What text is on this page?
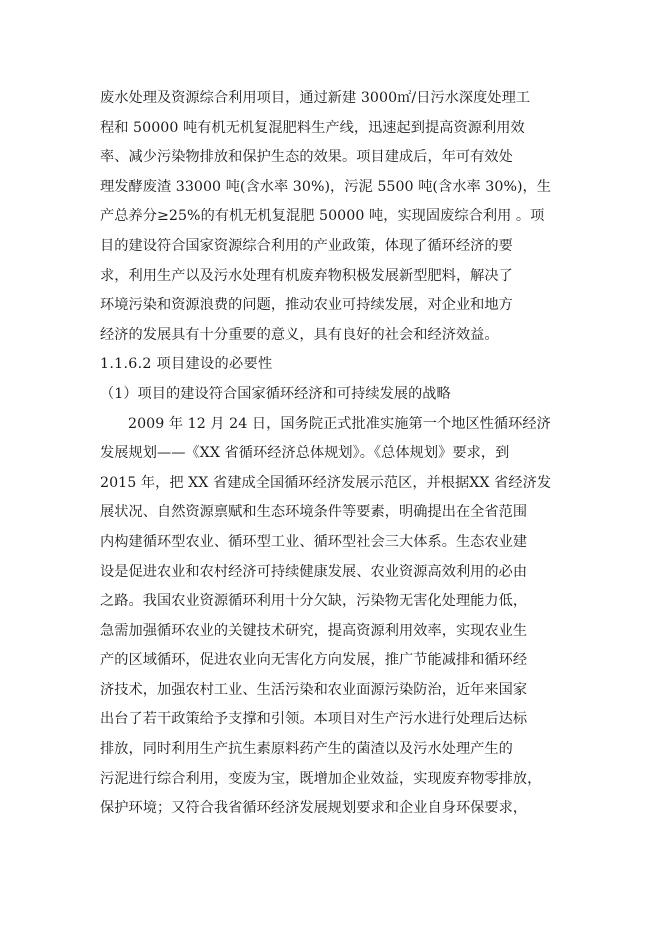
废水处理及资源综合利用项目，通过新建 3000㎡/日污水深度处理工
程和 50000 吨有机无机复混肥料生产线，迅速起到提高资源利用效
率、减少污染物排放和保护生态的效果。项目建成后，年可有效处
理发酵废渣 33000 吨(含水率 30%)，污泥 5500 吨(含水率 30%)，生
产总养分≥25%的有机无机复混肥 50000 吨，实现固废综合利用 。项
目的建设符合国家资源综合利用的产业政策，体现了循环经济的要
求，利用生产以及污水处理有机废弃物积极发展新型肥料，解决了
环境污染和资源浪费的问题，推动农业可持续发展，对企业和地方
经济的发展具有十分重要的意义，具有良好的社会和经济效益。
1.1.6.2 项目建设的必要性
（1）项目的建设符合国家循环经济和可持续发展的战略
2009 年 12 月 24 日，国务院正式批准实施第一个地区性循环经济
发展规划——《XX 省循环经济总体规划》。《总体规划》要求，到
2015 年，把 XX 省建成全国循环经济发展示范区，并根据XX 省经济发
展状况、自然资源禀赋和生态环境条件等要素，明确提出在全省范围
内构建循环型农业、循环型工业、循环型社会三大体系。生态农业建
设是促进农业和农村经济可持续健康发展、农业资源高效利用的必由
之路。我国农业资源循环利用十分欠缺，污染物无害化处理能力低，
急需加强循环农业的关键技术研究，提高资源利用效率，实现农业生
产的区域循环，促进农业向无害化方向发展，推广节能减排和循环经
济技术，加强农村工业、生活污染和农业面源污染防治，近年来国家
出台了若干政策给予支撑和引领。本项目对生产污水进行处理后达标
排放，同时利用生产抗生素原料药产生的菌渣以及污水处理产生的
污泥进行综合利用，变废为宝，既增加企业效益，实现废弃物零排放，
保护环境；又符合我省循环经济发展规划要求和企业自身环保要求，
